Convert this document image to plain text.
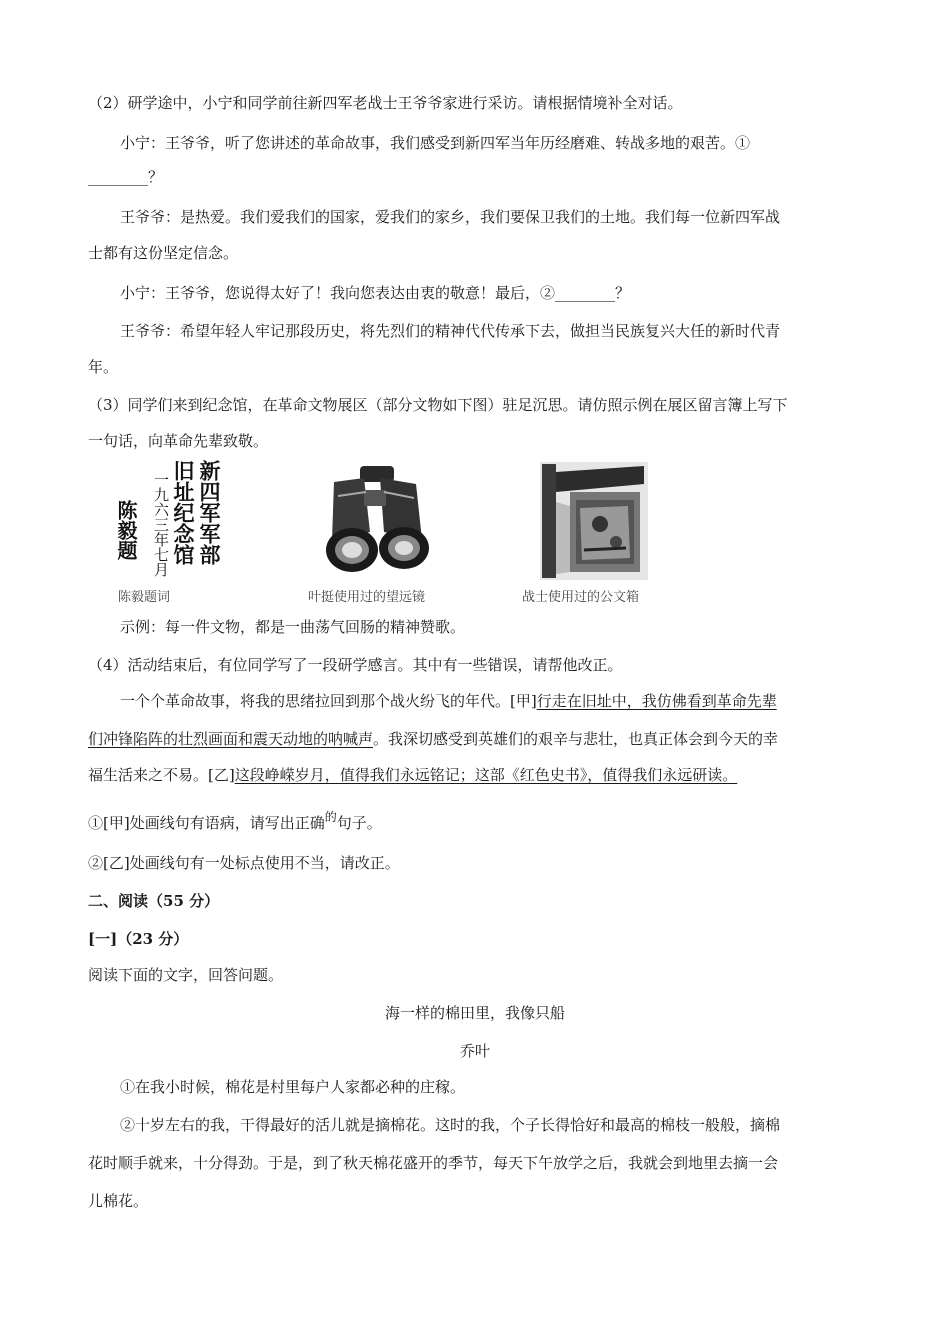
（2）研学途中，小宁和同学前往新四军老战士王爷爷家进行采访。请根据情境补全对话。
小宁：王爷爷，听了您讲述的革命故事，我们感受到新四军当年历经磨难、转战多地的艰苦。①
________？
王爷爷：是热爱。我们爱我们的国家，爱我们的家乡，我们要保卫我们的土地。我们每一位新四军战
士都有这份坚定信念。
小宁：王爷爷，您说得太好了！我向您表达由衷的敬意！最后，②________？
王爷爷：希望年轻人牢记那段历史，将先烈们的精神代代传承下去，做担当民族复兴大任的新时代青
年。
（3）同学们来到纪念馆，在革命文物展区（部分文物如下图）驻足沉思。请仿照示例在展区留言簿上写下
一句话，向革命先辈致敬。
新四军军部
旧址纪念馆
一九六三年七月
陈毅题
陈毅题词	叶挺使用过的望远镜	战士使用过的公文箱
示例：每一件文物，都是一曲荡气回肠的精神赞歌。
（4）活动结束后，有位同学写了一段研学感言。其中有一些错误，请帮他改正。
一个个革命故事，将我的思绪拉回到那个战火纷飞的年代。[甲]行走在旧址中，我仿佛看到革命先辈
们冲锋陷阵的壮烈画面和震天动地的呐喊声。我深切感受到英雄们的艰辛与悲壮，也真正体会到今天的幸
福生活来之不易。[乙]这段峥嵘岁月，值得我们永远铭记；这部《红色史书》，值得我们永远研读。
①[甲]处画线句有语病，请写出正确$^的$句子。
②[乙]处画线句有一处标点使用不当，请改正。
二、阅读（55 分）
[一]（23 分）
阅读下面的文字，回答问题。
海一样的棉田里，我像只船
乔叶
①在我小时候，棉花是村里每户人家都必种的庄稼。
②十岁左右的我，干得最好的活儿就是摘棉花。这时的我，个子长得恰好和最高的棉枝一般般，摘棉
花时顺手就来，十分得劲。于是，到了秋天棉花盛开的季节，每天下午放学之后，我就会到地里去摘一会
儿棉花。
